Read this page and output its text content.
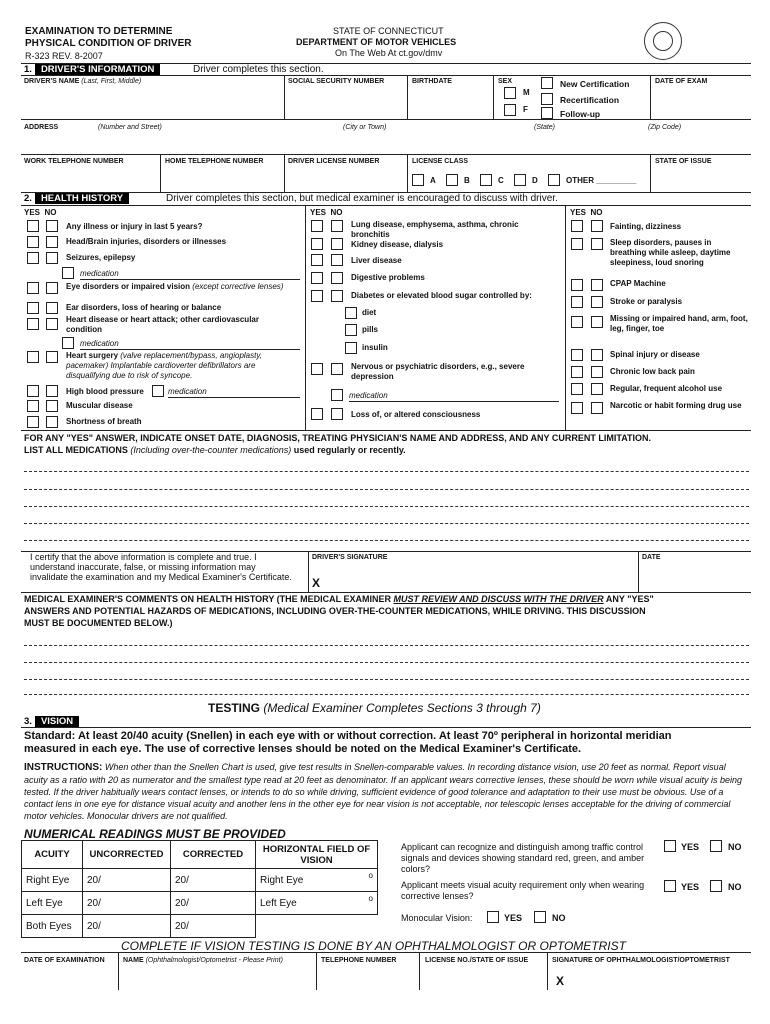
EXAMINATION TO DETERMINE
PHYSICAL CONDITION OF DRIVER
R-323 REV. 8-2007
STATE OF CONNECTICUT
DEPARTMENT OF MOTOR VEHICLES
On The Web At ct.gov/dmv
1. DRIVER'S INFORMATION	Driver completes this section.
DRIVER'S NAME (Last, First, Middle)	SOCIAL SECURITY NUMBER	BIRTHDATE	SEX
M
F
New Certification
Recertification
Follow-up
DATE OF EXAM
ADDRESS	(Number and Street)	(City or Town)	(State)	(Zip Code)
WORK TELEPHONE NUMBER	HOME TELEPHONE NUMBER	DRIVER LICENSE NUMBER	LICENSE CLASS
A	B	C	D	OTHER _________
STATE OF ISSUE
2. HEALTH HISTORY	Driver completes this section, but medical examiner is encouraged to discuss with driver.
YES NO	YES NO	YES NO
Any illness or injury in last 5 years?
Head/Brain injuries, disorders or illnesses
Seizures, epilepsy
medication
Eye disorders or impaired vision (except corrective lenses)
Ear disorders, loss of hearing or balance
Heart disease or heart attack; other cardiovascular condition
medication
Heart surgery (valve replacement/bypass, angioplasty, pacemaker) Implantable cardioverter defibrillators are disqualifying due to risk of syncope.
High blood pressure	medication
Muscular disease
Shortness of breath
Lung disease, emphysema, asthma, chronic bronchitis
Kidney disease, dialysis
Liver disease
Digestive problems
Diabetes or elevated blood sugar controlled by:
diet
pills
insulin
Nervous or psychiatric disorders, e.g., severe depression
medication
Loss of, or altered consciousness
Fainting, dizziness
Sleep disorders, pauses in breathing while asleep, daytime sleepiness, loud snoring
CPAP Machine
Stroke or paralysis
Missing or impaired hand, arm, foot, leg, finger, toe
Spinal injury or disease
Chronic low back pain
Regular, frequent alcohol use
Narcotic or habit forming drug use
FOR ANY "YES" ANSWER, INDICATE ONSET DATE, DIAGNOSIS, TREATING PHYSICIAN'S NAME AND ADDRESS, AND ANY CURRENT LIMITATION.
LIST ALL MEDICATIONS (Including over-the-counter medications) used regularly or recently.
I certify that the above information is complete and true. I understand inaccurate, false, or missing information may invalidate the examination and my Medical Examiner's Certificate.
DRIVER'S SIGNATURE
X
DATE
MEDICAL EXAMINER'S COMMENTS ON HEALTH HISTORY (THE MEDICAL EXAMINER MUST REVIEW AND DISCUSS WITH THE DRIVER ANY "YES"
ANSWERS AND POTENTIAL HAZARDS OF MEDICATIONS, INCLUDING OVER-THE-COUNTER MEDICATIONS, WHILE DRIVING. THIS DISCUSSION
MUST BE DOCUMENTED BELOW.)
TESTING (Medical Examiner Completes Sections 3 through 7)
3. VISION
Standard: At least 20/40 acuity (Snellen) in each eye with or without correction. At least 70º peripheral in horizontal meridian
measured in each eye. The use of corrective lenses should be noted on the Medical Examiner's Certificate.
INSTRUCTIONS: When other than the Snellen Chart is used, give test results in Snellen-comparable values. In recording distance vision, use 20 feet as normal. Report visual acuity as a ratio with 20 as numerator and the smallest type read at 20 feet as denominator. If an applicant wears corrective lenses, these should be worn while visual acuity is being tested. If the driver habitually wears contact lenses, or intends to do so while driving, sufficient evidence of good tolerance and adaptation to their use must be obvious. Use of a contact lens in one eye for distance visual acuity and another lens in the other eye for near vision is not acceptable, nor telescopic lenses acceptable for the driving of commercial motor vehicles. Monocular drivers are not qualified.
NUMERICAL READINGS MUST BE PROVIDED
ACUITY	UNCORRECTED	CORRECTED	HORIZONTAL FIELD OF VISION
Right Eye	20/	20/	Right Eye o

Left Eye	20/	20/	Left Eye o

Both Eyes	20/	20/	
Applicant can recognize and distinguish among traffic control signals and devices showing standard red, green, and amber colors?
YES	NO
Applicant meets visual acuity requirement only when wearing corrective lenses?
YES	NO
Monocular Vision:	YES	NO
COMPLETE IF VISION TESTING IS DONE BY AN OPHTHALMOLOGIST OR OPTOMETRIST
DATE OF EXAMINATION	NAME (Ophthalmologist/Optometrist - Please Print)	TELEPHONE NUMBER	LICENSE NO./STATE OF ISSUE	SIGNATURE OF OPHTHALMOLOGIST/OPTOMETRIST
X
